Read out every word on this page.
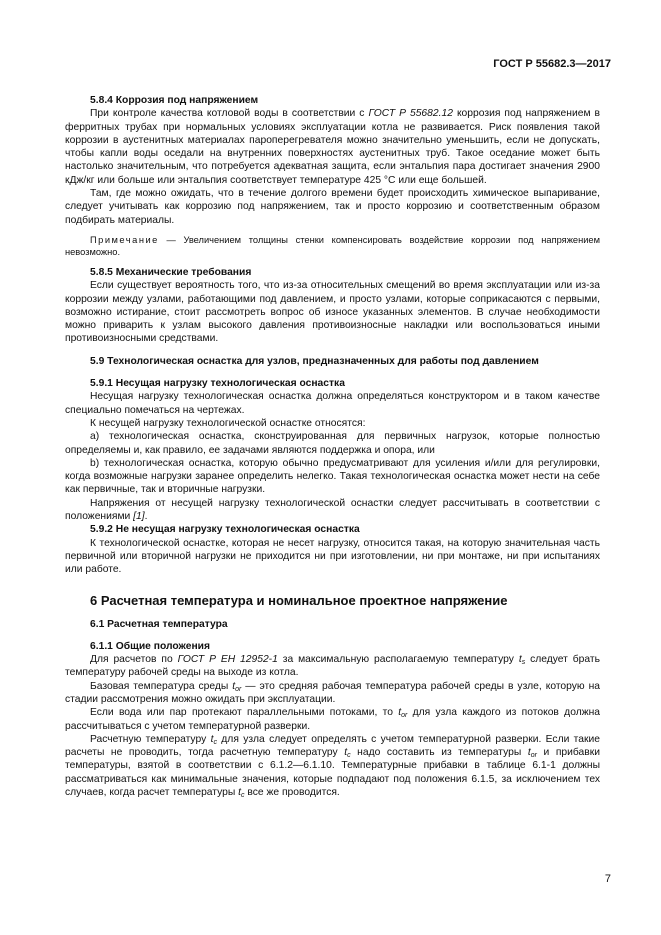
ГОСТ Р 55682.3—2017
5.8.4 Коррозия под напряжением

При контроле качества котловой воды в соответствии с ГОСТ Р 55682.12 коррозия под напряжением в ферритных трубах при нормальных условиях эксплуатации котла не развивается. Риск появления такой коррозии в аустенитных материалах пароперегревателя можно значительно уменьшить, если не допускать, чтобы капли воды оседали на внутренних поверхностях аустенитных труб. Такое оседание может быть настолько значительным, что потребуется адекватная защита, если энтальпия пара достигает значения 2900 кДж/кг или больше или энтальпия соответствует температуре 425 °С или еще большей.

Там, где можно ожидать, что в течение долгого времени будет происходить химическое выпаривание, следует учитывать как коррозию под напряжением, так и просто коррозию и соответственным образом подбирать материалы.

Примечание — Увеличением толщины стенки компенсировать воздействие коррозии под напряжением невозможно.

5.8.5 Механические требования

Если существует вероятность того, что из-за относительных смещений во время эксплуатации или из-за коррозии между узлами, работающими под давлением, и просто узлами, которые соприкасаются с первыми, возможно истирание, стоит рассмотреть вопрос об износе указанных элементов. В случае необходимости можно приварить к узлам высокого давления противоизносные накладки или воспользоваться иными противоизносными средствами.

5.9 Технологическая оснастка для узлов, предназначенных для работы под давлением
5.9.1 Несущая нагрузку технологическая оснастка

Несущая нагрузку технологическая оснастка должна определяться конструктором и в таком качестве специально помечаться на чертежах.

К несущей нагрузку технологической оснастке относятся:

a) технологическая оснастка, сконструированная для первичных нагрузок, которые полностью определяемы и, как правило, ее задачами являются поддержка и опора, или

b) технологическая оснастка, которую обычно предусматривают для усиления и/или для регулировки, когда возможные нагрузки заранее определить нелегко. Такая технологическая оснастка может нести на себе как первичные, так и вторичные нагрузки.

Напряжения от несущей нагрузку технологической оснастки следует рассчитывать в соответствии с положениями [1].

5.9.2 Не несущая нагрузку технологическая оснастка

К технологической оснастке, которая не несет нагрузку, относится такая, на которую значительная часть первичной или вторичной нагрузки не приходится ни при изготовлении, ни при монтаже, ни при испытаниях или работе.

6 Расчетная температура и номинальное проектное напряжение
6.1 Расчетная температура
6.1.1 Общие положения

Для расчетов по ГОСТ Р ЕН 12952-1 за максимальную располагаемую температуру $t_s$ следует брать температуру рабочей среды на выходе из котла.

Базовая температура среды $t_{or}$ — это средняя рабочая температура рабочей среды в узле, которую на стадии рассмотрения можно ожидать при эксплуатации.

Если вода или пар протекают параллельными потоками, то $t_{or}$ для узла каждого из потоков должна рассчитываться с учетом температурной разверки.

Расчетную температуру $t_c$ для узла следует определять с учетом температурной разверки. Если такие расчеты не проводить, тогда расчетную температуру $t_c$ надо составить из температуры $t_{or}$ и прибавки температуры, взятой в соответствии с 6.1.2—6.1.10. Температурные прибавки в таблице 6.1-1 должны рассматриваться как минимальные значения, которые подпадают под положения 6.1.5, за исключением тех случаев, когда расчет температуры $t_c$ все же проводится.

7
